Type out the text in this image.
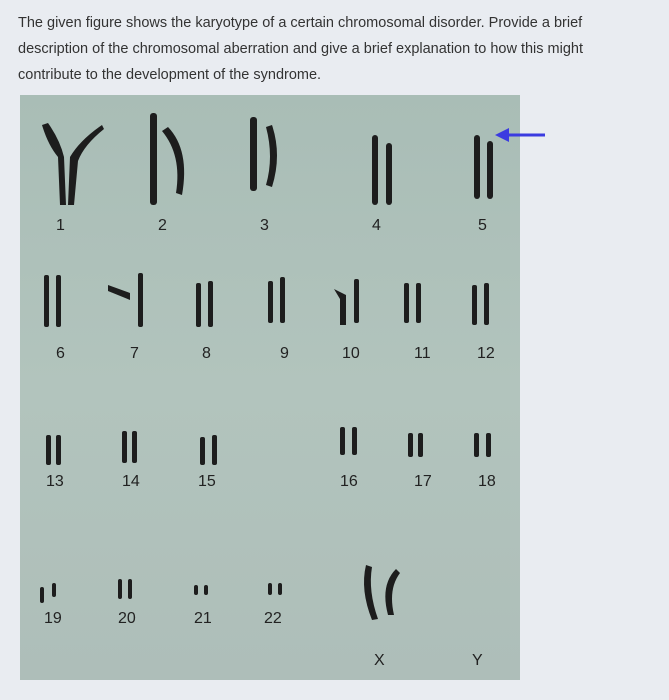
The given figure shows the karyotype of a certain chromosomal disorder. Provide a brief
description of the chromosomal aberration and give a brief explanation to how this might
contribute to the development of the syndrome.
1	2	3	4	5
6	7	8	9	10	11	12
13	14	15	16	17	18
19	20	21	22
X	Y
